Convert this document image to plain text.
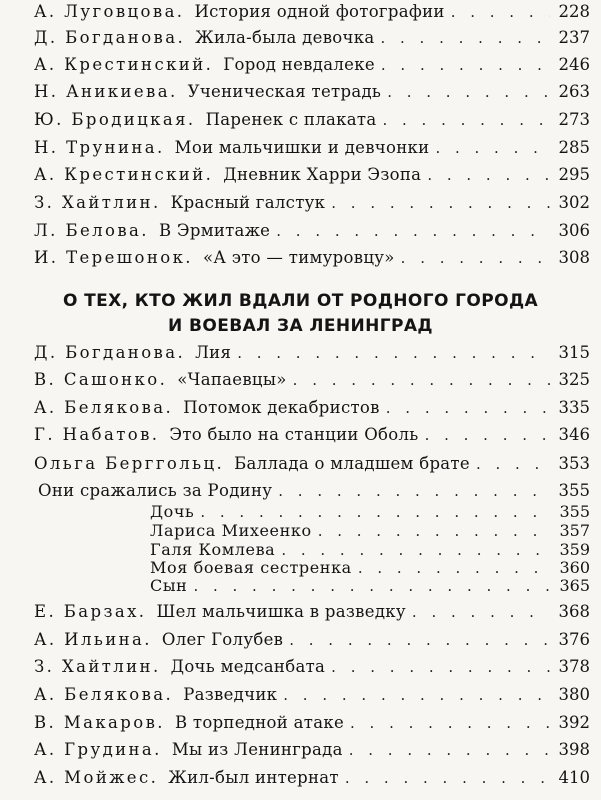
А. Луговцова. История одной фотографии . . .	228
Д. Богданова. Жила-была девочка . . .	237
А. Крестинский. Город невдалеке . . .	246
Н. Аникиева. Ученическая тетрадь . . .	263
Ю. Бродицкая. Паренек с плаката . . .	273
Н. Трунина. Мои мальчишки и девчонки . . .	285
А. Крестинский. Дневник Харри Эзопа . . .	295
З. Хайтлин. Красный галстук . . .	302
Л. Белова. В Эрмитаже . . .	306
И. Терешонок. «А это — тимуровцу» . . .	308
О ТЕХ, КТО ЖИЛ ВДАЛИ ОТ РОДНОГО ГОРОДА
И ВОЕВАЛ ЗА ЛЕНИНГРАД
Д. Богданова. Лия . . .	315
В. Сашонко. «Чапаевцы» . . .	325
А. Белякова. Потомок декабристов . . .	335
Г. Набатов. Это было на станции Оболь . . .	346
Ольга Берггольц. Баллада о младшем брате . . .	353
Они сражались за Родину . . .	355
Дочь . . .	355
Лариса Михеенко . . .	357
Галя Комлева . . .	359
Моя боевая сестренка . . .	360
Сын . . .	365
Е. Барзах. Шел мальчишка в разведку . . .	368
А. Ильина. Олег Голубев . . .	376
З. Хайтлин. Дочь медсанбата . . .	378
А. Белякова. Разведчик . . .	380
В. Макаров. В торпедной атаке . . .	392
А. Грудина. Мы из Ленинграда . . .	398
А. Мойжес. Жил-был интернат . . .	410
